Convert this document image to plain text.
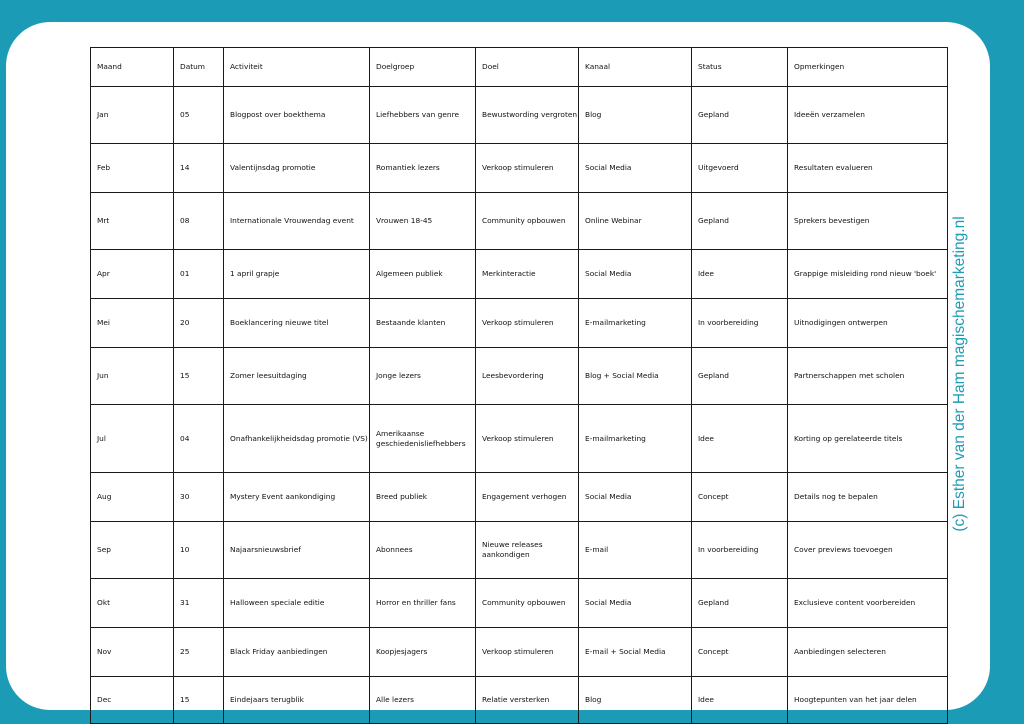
Maand	Datum	Activiteit	Doelgroep	Doel	Kanaal	Status	Opmerkingen
Jan	05	Blogpost over boekthema	Liefhebbers van genre	Bewustwording vergroten	Blog	Gepland	Ideeën verzamelen
Feb	14	Valentijnsdag promotie	Romantiek lezers	Verkoop stimuleren	Social Media	Uitgevoerd	Resultaten evalueren
Mrt	08	Internationale Vrouwendag event	Vrouwen 18-45	Community opbouwen	Online Webinar	Gepland	Sprekers bevestigen
Apr	01	1 april grapje	Algemeen publiek	Merkinteractie	Social Media	Idee	Grappige misleiding rond nieuw 'boek'
Mei	20	Boeklancering nieuwe titel	Bestaande klanten	Verkoop stimuleren	E-mailmarketing	In voorbereiding	Uitnodigingen ontwerpen
Jun	15	Zomer leesuitdaging	Jonge lezers	Leesbevordering	Blog + Social Media	Gepland	Partnerschappen met scholen
Jul	04	Onafhankelijkheidsdag promotie (VS)	Amerikaanse geschiedenisliefhebbers	Verkoop stimuleren	E-mailmarketing	Idee	Korting op gerelateerde titels
Aug	30	Mystery Event aankondiging	Breed publiek	Engagement verhogen	Social Media	Concept	Details nog te bepalen
Sep	10	Najaarsnieuwsbrief	Abonnees	Nieuwe releases aankondigen	E-mail	In voorbereiding	Cover previews toevoegen
Okt	31	Halloween speciale editie	Horror en thriller fans	Community opbouwen	Social Media	Gepland	Exclusieve content voorbereiden
Nov	25	Black Friday aanbiedingen	Koopjesjagers	Verkoop stimuleren	E-mail + Social Media	Concept	Aanbiedingen selecteren
Dec	15	Eindejaars terugblik	Alle lezers	Relatie versterken	Blog	Idee	Hoogtepunten van het jaar delen
(c) Esther van der Ham magischemarketing.nl
